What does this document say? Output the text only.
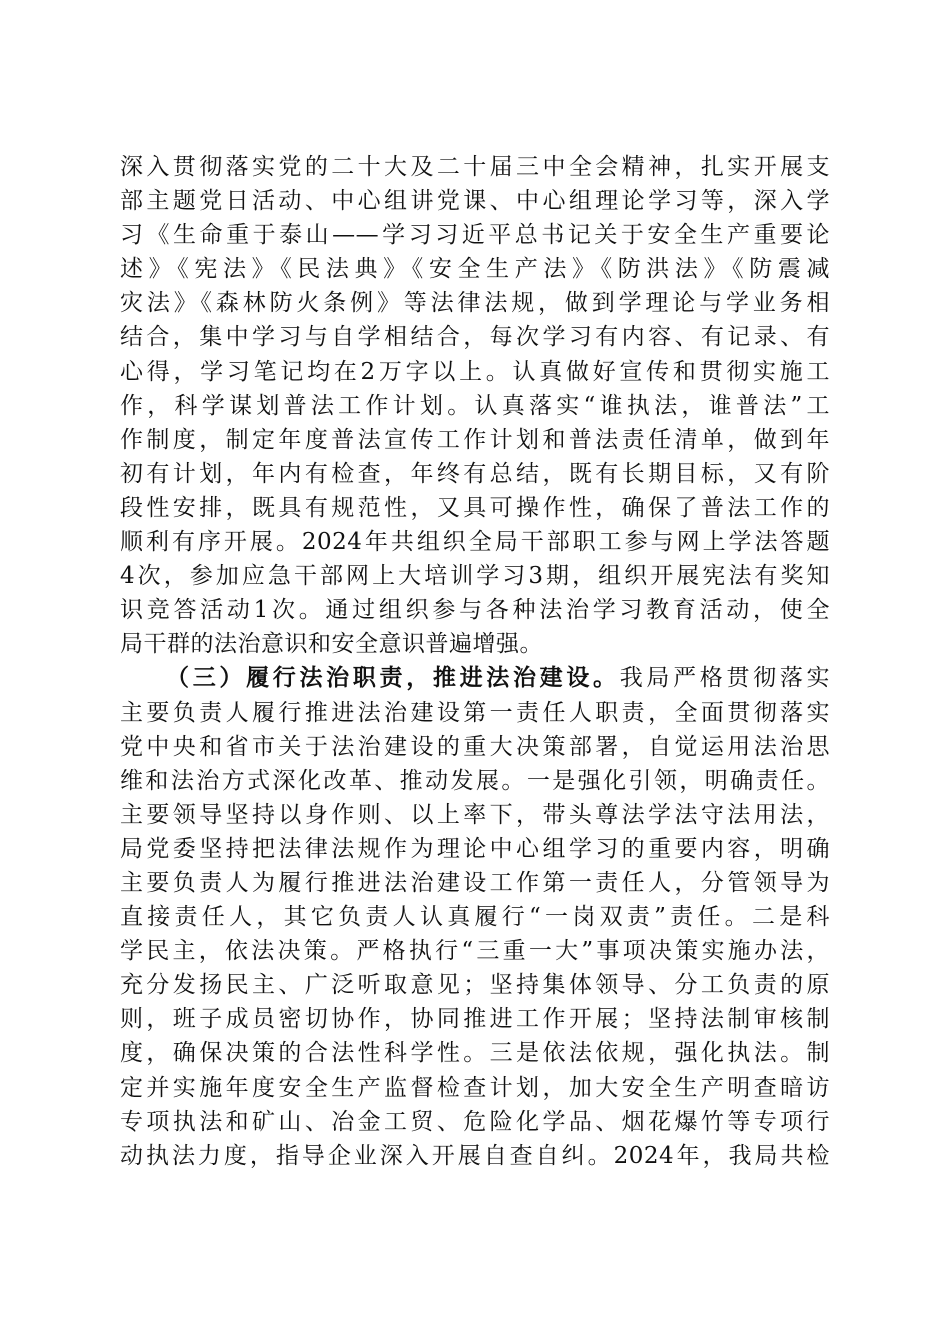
深入贯彻落实党的二十大及二十届三中全会精神，扎实开展支
部主题党日活动、中心组讲党课、中心组理论学习等，深入学
习《生命重于泰山——学习习近平总书记关于安全生产重要论
述》《宪法》《民法典》《安全生产法》《防洪法》《防震减
灾法》《森林防火条例》等法律法规，做到学理论与学业务相
结合，集中学习与自学相结合，每次学习有内容、有记录、有
心得，学习笔记均在2万字以上。认真做好宣传和贯彻实施工
作，科学谋划普法工作计划。认真落实“谁执法，谁普法”工
作制度，制定年度普法宣传工作计划和普法责任清单，做到年
初有计划，年内有检查，年终有总结，既有长期目标，又有阶
段性安排，既具有规范性，又具可操作性，确保了普法工作的
顺利有序开展。2024年共组织全局干部职工参与网上学法答题
4次，参加应急干部网上大培训学习3期，组织开展宪法有奖知
识竞答活动1次。通过组织参与各种法治学习教育活动，使全
局干群的法治意识和安全意识普遍增强。
（三）履行法治职责，推进法治建设。我局严格贯彻落实
主要负责人履行推进法治建设第一责任人职责，全面贯彻落实
党中央和省市关于法治建设的重大决策部署，自觉运用法治思
维和法治方式深化改革、推动发展。一是强化引领，明确责任。
主要领导坚持以身作则、以上率下，带头尊法学法守法用法，
局党委坚持把法律法规作为理论中心组学习的重要内容，明确
主要负责人为履行推进法治建设工作第一责任人，分管领导为
直接责任人，其它负责人认真履行“一岗双责”责任。二是科
学民主，依法决策。严格执行“三重一大”事项决策实施办法，
充分发扬民主、广泛听取意见；坚持集体领导、分工负责的原
则，班子成员密切协作，协同推进工作开展；坚持法制审核制
度，确保决策的合法性科学性。三是依法依规，强化执法。制
定并实施年度安全生产监督检查计划，加大安全生产明查暗访
专项执法和矿山、冶金工贸、危险化学品、烟花爆竹等专项行
动执法力度，指导企业深入开展自查自纠。2024年，我局共检
